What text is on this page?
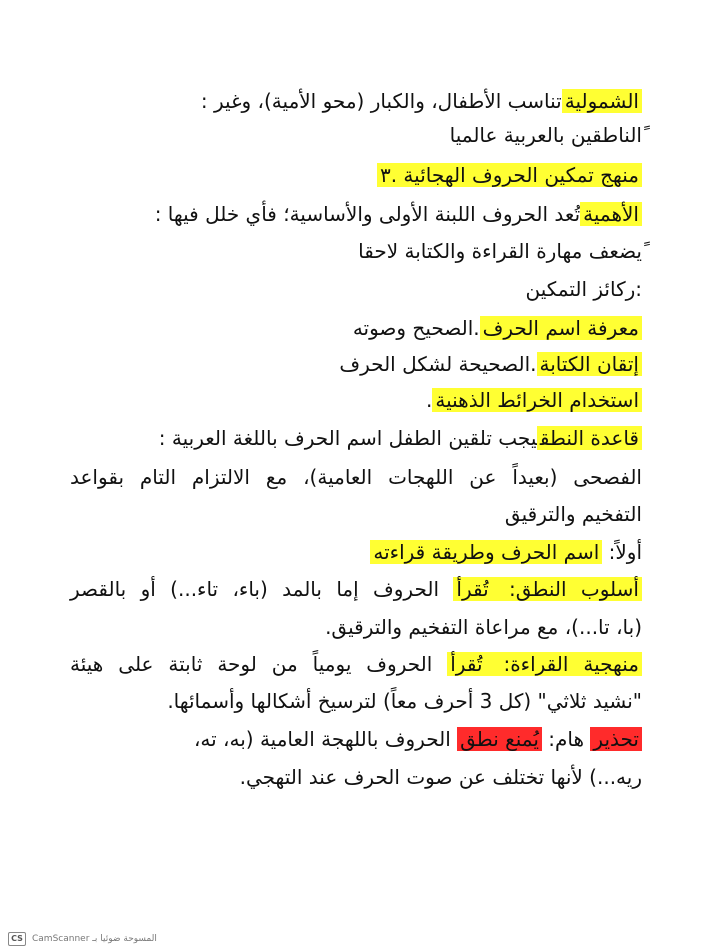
الشموليةتناسب الأطفال، والكبار (محو الأمية)، وغير :
ًالناطقين بالعربية عالميا
منهج تمكين الحروف الهجائية .٣
الأهميةتُعد الحروف اللبنة الأولى والأساسية؛ فأي خلل فيها :
ًيضعف مهارة القراءة والكتابة لاحقا
:ركائز التمكين
معرفة اسم الحرف.الصحيح وصوته
إتقان الكتابة.الصحيحة لشكل الحرف
استخدام الخرائط الذهنية.
قاعدة النطقيجب تلقين الطفل اسم الحرف باللغة العربية :
الفصحى (بعيداً عن اللهجات العامية)، مع الالتزام التام بقواعد
التفخيم والترقيق
أولاً: اسم الحرف وطريقة قراءته
أسلوب النطق: تُقرأ الحروف إما بالمد (باء، تاء...) أو بالقصر
(با، تا...)، مع مراعاة التفخيم والترقيق.
منهجية القراءة: تُقرأ الحروف يومياً من لوحة ثابتة على هيئة
"نشيد ثلاثي" (كل 3 أحرف معاً) لترسيخ أشكالها وأسمائها.
تحذير هام: يُمنع نطق الحروف باللهجة العامية (به، ته،
ريه...) لأنها تختلف عن صوت الحرف عند التهجي.
CS	CamScanner المسوحة ضوئيا بـ
